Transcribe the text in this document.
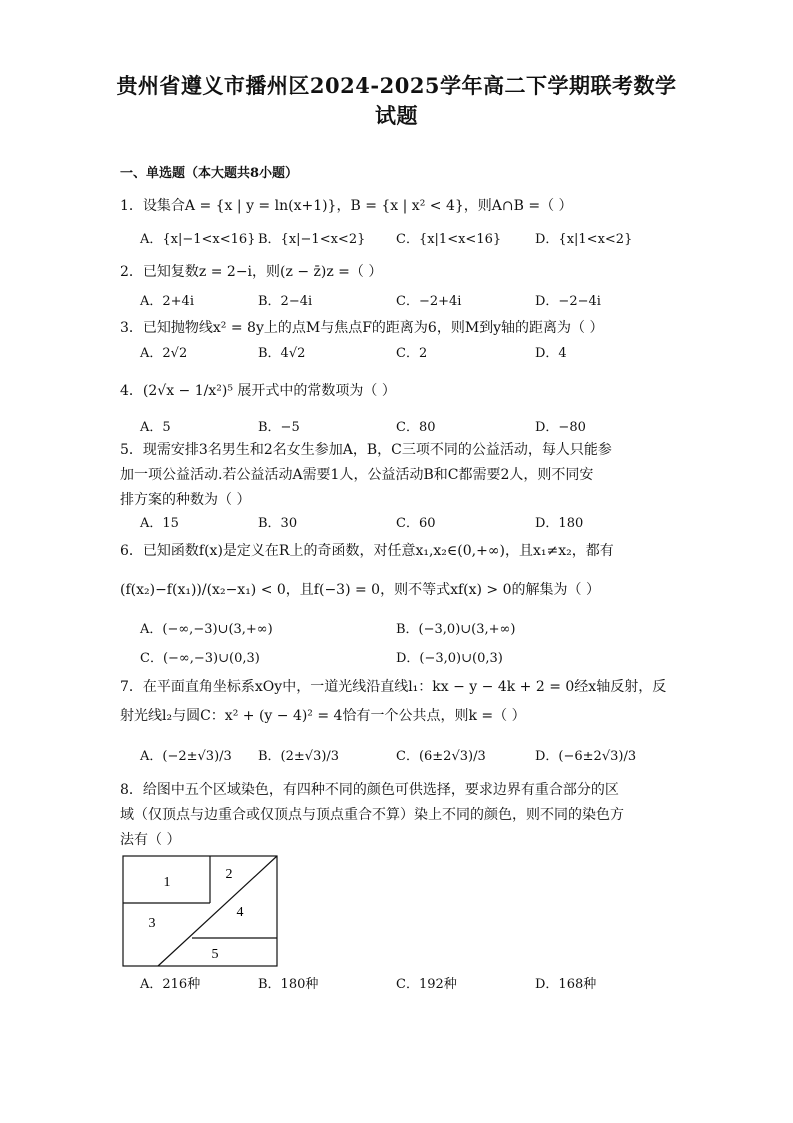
贵州省遵义市播州区2024-2025学年高二下学期联考数学
试题
一、单选题（本大题共8小题）
1．设集合A = {x | y = ln(x+1)}，B = {x | x² < 4}，则A∩B =（ ）
A．{x|−1<x<16} B．{x|−1<x<2} C．{x|1<x<16}	D．{x|1<x<2}
2．已知复数z = 2−i，则(z − z̄)z =（ ）
A．2+4i	B．2−4i	C．−2+4i	D．−2−4i
3．已知抛物线x² = 8y上的点M与焦点F的距离为6，则M到y轴的距离为（ ）
A．2√2	B．4√2	C．2	D．4
4．(2√x − 1/x²)⁵ 展开式中的常数项为（ ）
A．5	B．−5	C．80	D．−80
5．现需安排3名男生和2名女生参加A，B，C三项不同的公益活动，每人只能参
加一项公益活动.若公益活动A需要1人，公益活动B和C都需要2人，则不同安
排方案的种数为（ ）
A．15	B．30	C．60	D．180
6．已知函数f(x)是定义在R上的奇函数，对任意x₁,x₂∈(0,+∞)，且x₁≠x₂，都有
(f(x₂)−f(x₁))/(x₂−x₁) < 0，且f(−3) = 0，则不等式xf(x) > 0的解集为（ ）
A．(−∞,−3)∪(3,+∞)	B．(−3,0)∪(3,+∞)
C．(−∞,−3)∪(0,3)	D．(−3,0)∪(0,3)
7．在平面直角坐标系xOy中，一道光线沿直线l₁：kx − y − 4k + 2 = 0经x轴反射，反
射光线l₂与圆C：x² + (y − 4)² = 4恰有一个公共点，则k =（ ）
A．(−2±√3)/3 B．(2±√3)/3	C．(6±2√3)/3	D．(−6±2√3)/3
8．给图中五个区域染色，有四种不同的颜色可供选择，要求边界有重合部分的区
域（仅顶点与边重合或仅顶点与顶点重合不算）染上不同的颜色，则不同的染色方
法有（ ）
1
2
3
4
5
A．216种	B．180种	C．192种	D．168种
